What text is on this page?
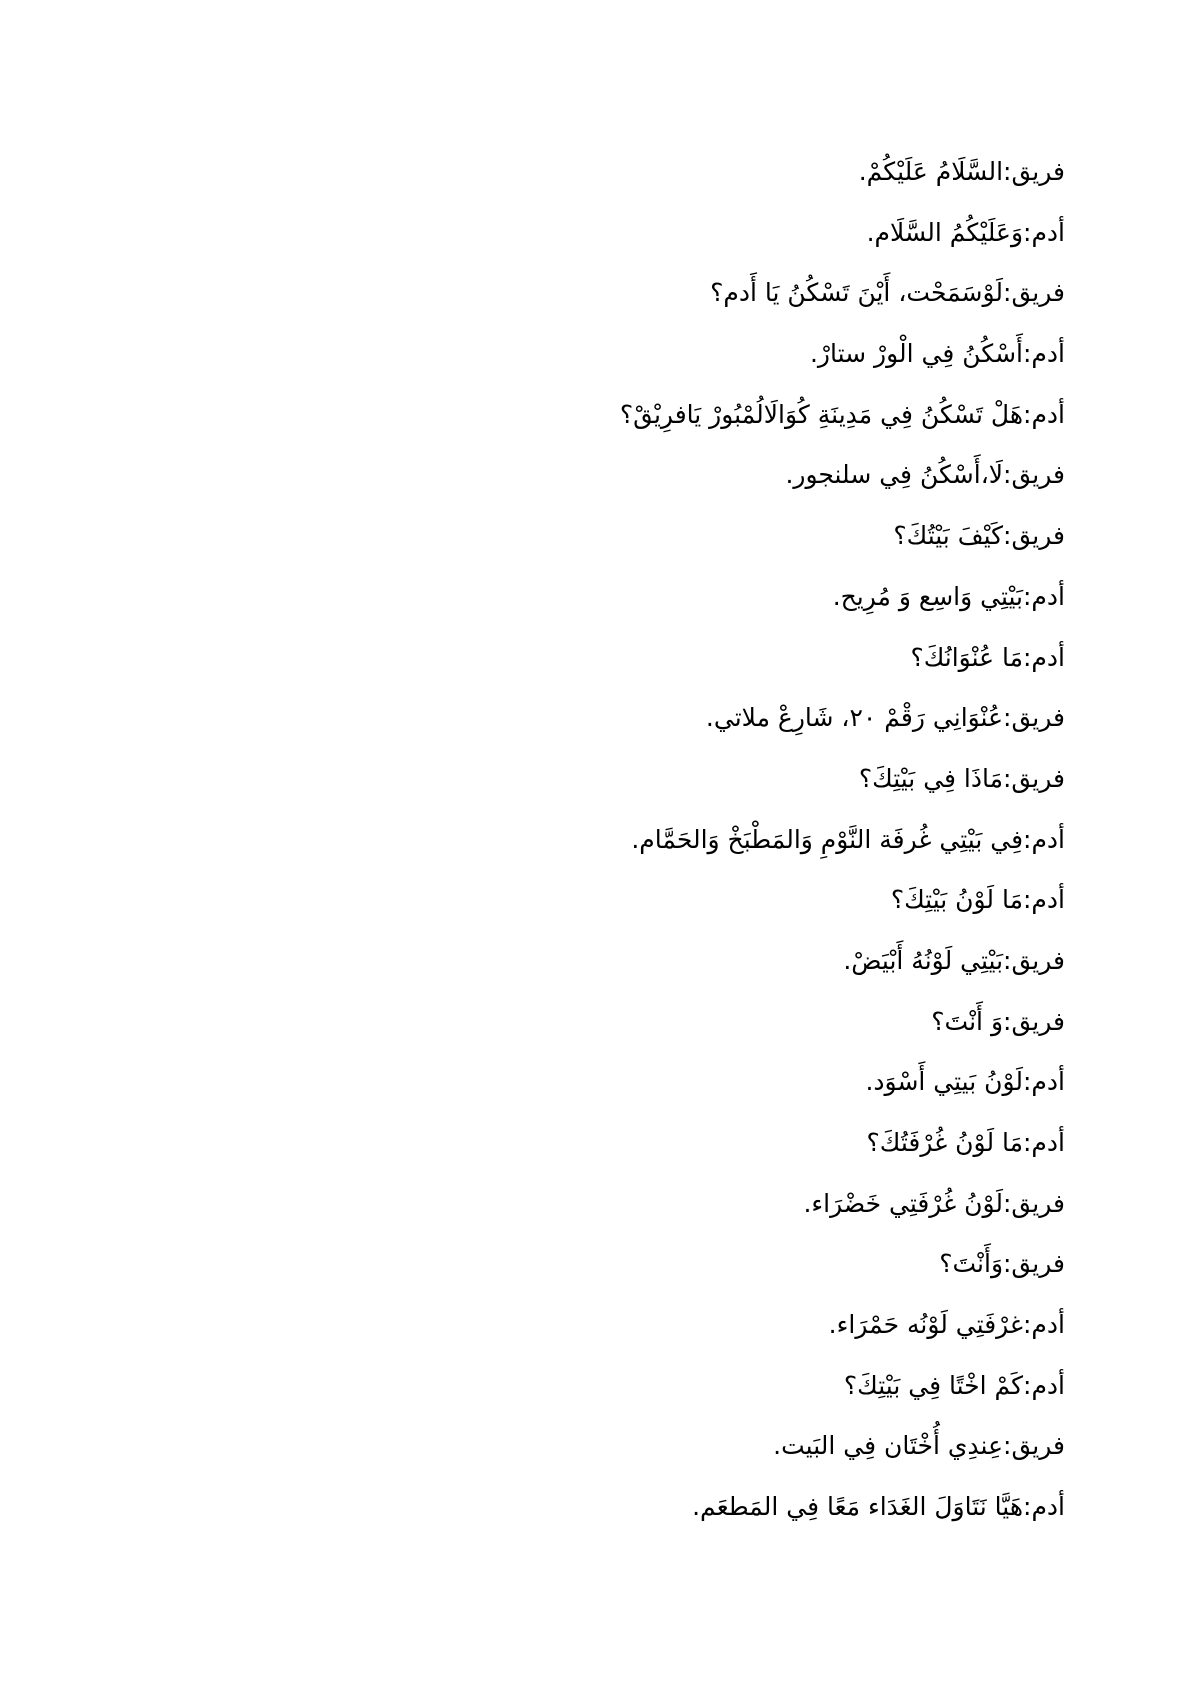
فريق:السَّلَامُ عَلَيْكُمْ.
أدم:وَعَلَيْكُمُ السَّلَام.
فريق:لَوْسَمَحْت، أَيْنَ تَسْكُنُ يَا أَدم؟
أدم:أَسْكُنُ فِي الْورْ ستارْ.
أدم:هَلْ تَسْكُنُ فِي مَدِينَةِ كُوَالَالُمْبُورْ يَافرِيْقْ؟
فريق:لَا،أَسْكُنُ فِي سلنجور.
فريق:كَيْفَ بَيْتُكَ؟
أدم:بَيْتِي وَاسِع وَ مُرِيح.
أدم:مَا عُنْوَانُكَ؟
فريق:عُنْوَانِي رَقْمْ ٢٠، شَارِعْ ملاتي.
فريق:مَاذَا فِي بَيْتِكَ؟
أدم:فِي بَيْتِي غُرفَة النَّوْمِ وَالمَطْبَخْ وَالحَمَّام.
أدم:مَا لَوْنُ بَيْتِكَ؟
فريق:بَيْتِي لَوْنُهُ أَبْيَضْ.
فريق:وَ أَنْتَ؟
أدم:لَوْنُ بَيتِي أَسْوَد.
أدم:مَا لَوْنُ غُرْفَتُكَ؟
فريق:لَوْنُ غُرْفَتِي خَضْرَاء.
فريق:وَأَنْتَ؟
أدم:غرْفَتِي لَوْنُه حَمْرَاء.
أدم:كَمْ اخْتًا فِي بَيْتِكَ؟
فريق:عِندِي أُخْتَان فِي البَيت.
أدم:هَيَّا نَتَاوَلَ الغَدَاء مَعًا فِي المَطعَم.
